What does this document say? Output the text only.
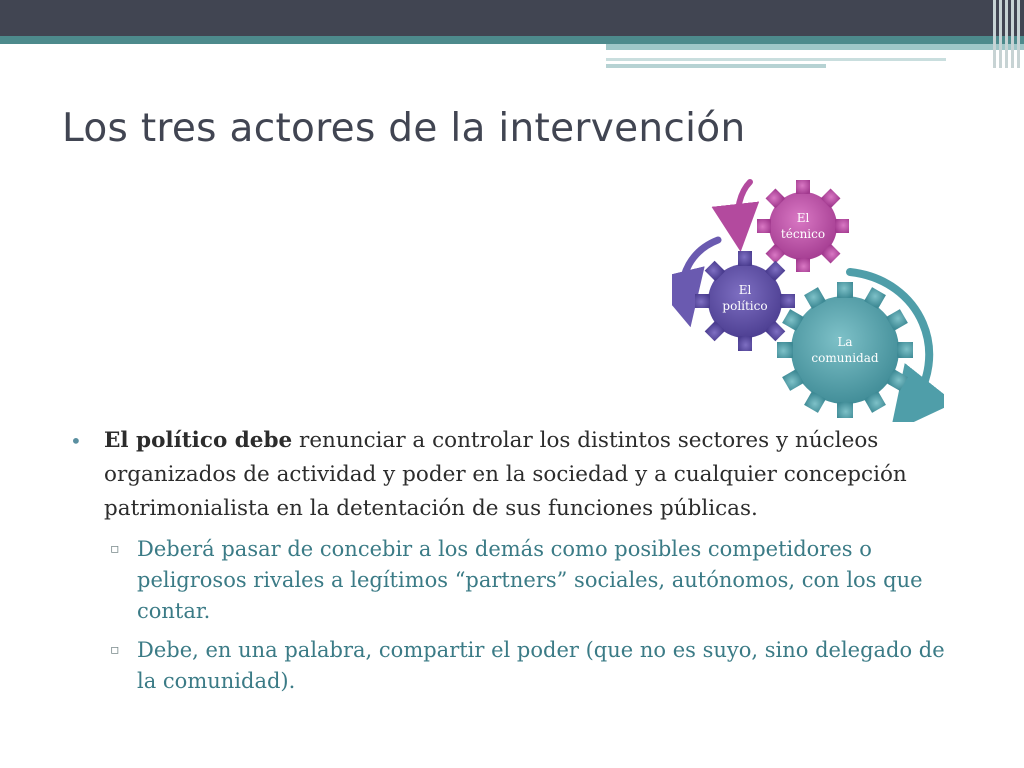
Los tres actores de la intervención
El
técnico
El
político
La
comunidad
• El político debe renunciar a controlar los distintos sectores y núcleos organizados de actividad y poder en la sociedad y a cualquier concepción patrimonialista en la detentación de sus funciones públicas.
▫ Deberá pasar de concebir a los demás como posibles competidores o peligrosos rivales a legítimos “partners” sociales, autónomos, con los que contar.
▫ Debe, en una palabra, compartir el poder (que no es suyo, sino delegado de la comunidad).
